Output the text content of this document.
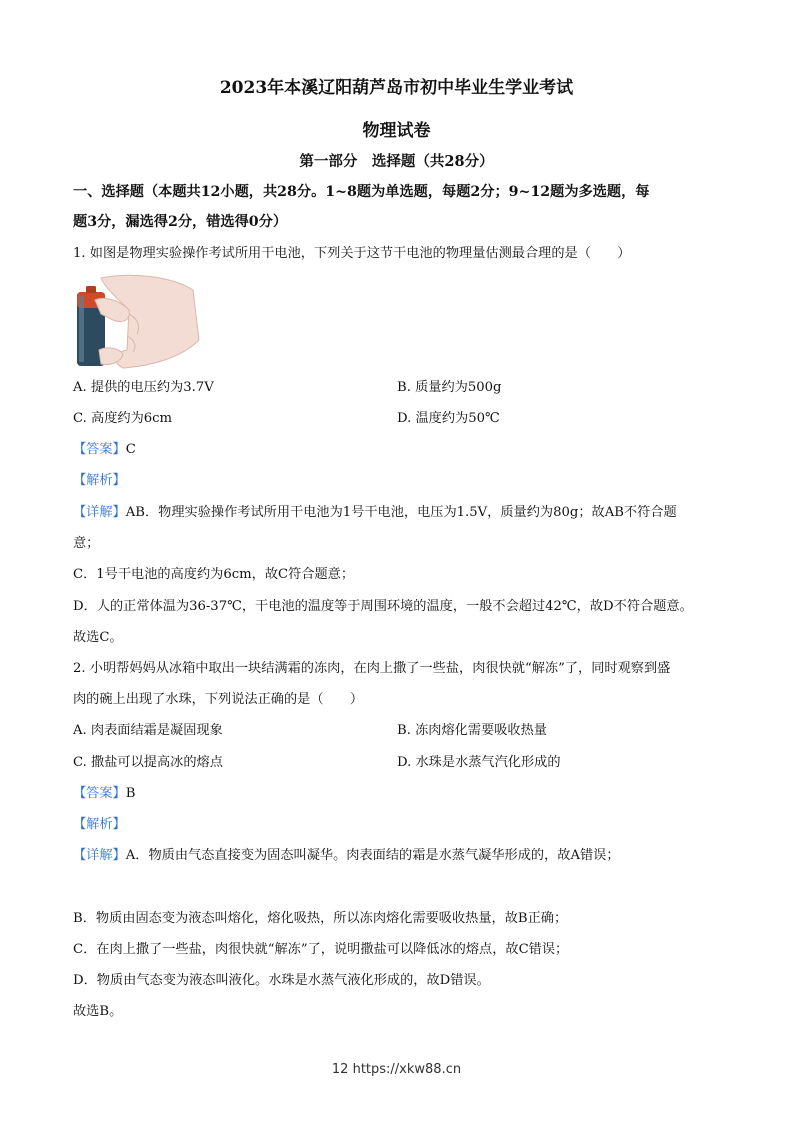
2023年本溪辽阳葫芦岛市初中毕业生学业考试
物理试卷
第一部分　选择题（共28分）
一、选择题（本题共12小题，共28分。1~8题为单选题，每题2分；9~12题为多选题，每
题3分，漏选得2分，错选得0分）
1. 如图是物理实验操作考试所用干电池，下列关于这节干电池的物理量估测最合理的是（　　）
A. 提供的电压约为3.7V	B. 质量约为500g
C. 高度约为6cm	D. 温度约为50℃
【答案】C
【解析】
【详解】AB．物理实验操作考试所用干电池为1号干电池，电压为1.5V，质量约为80g；故AB不符合题
意；
C．1号干电池的高度约为6cm，故C符合题意；
D．人的正常体温为36-37℃，干电池的温度等于周围环境的温度，一般不会超过42℃，故D不符合题意。
故选C。
2. 小明帮妈妈从冰箱中取出一块结满霜的冻肉，在肉上撒了一些盐，肉很快就“解冻”了，同时观察到盛
肉的碗上出现了水珠，下列说法正确的是（　　）
A. 肉表面结霜是凝固现象	B. 冻肉熔化需要吸收热量
C. 撒盐可以提高冰的熔点	D. 水珠是水蒸气汽化形成的
【答案】B
【解析】
【详解】A．物质由气态直接变为固态叫凝华。肉表面结的霜是水蒸气凝华形成的，故A错误；
B．物质由固态变为液态叫熔化，熔化吸热，所以冻肉熔化需要吸收热量，故B正确；
C．在肉上撒了一些盐，肉很快就“解冻”了，说明撒盐可以降低冰的熔点，故C错误；
D．物质由气态变为液态叫液化。水珠是水蒸气液化形成的，故D错误。
故选B。
12 https://xkw88.cn
